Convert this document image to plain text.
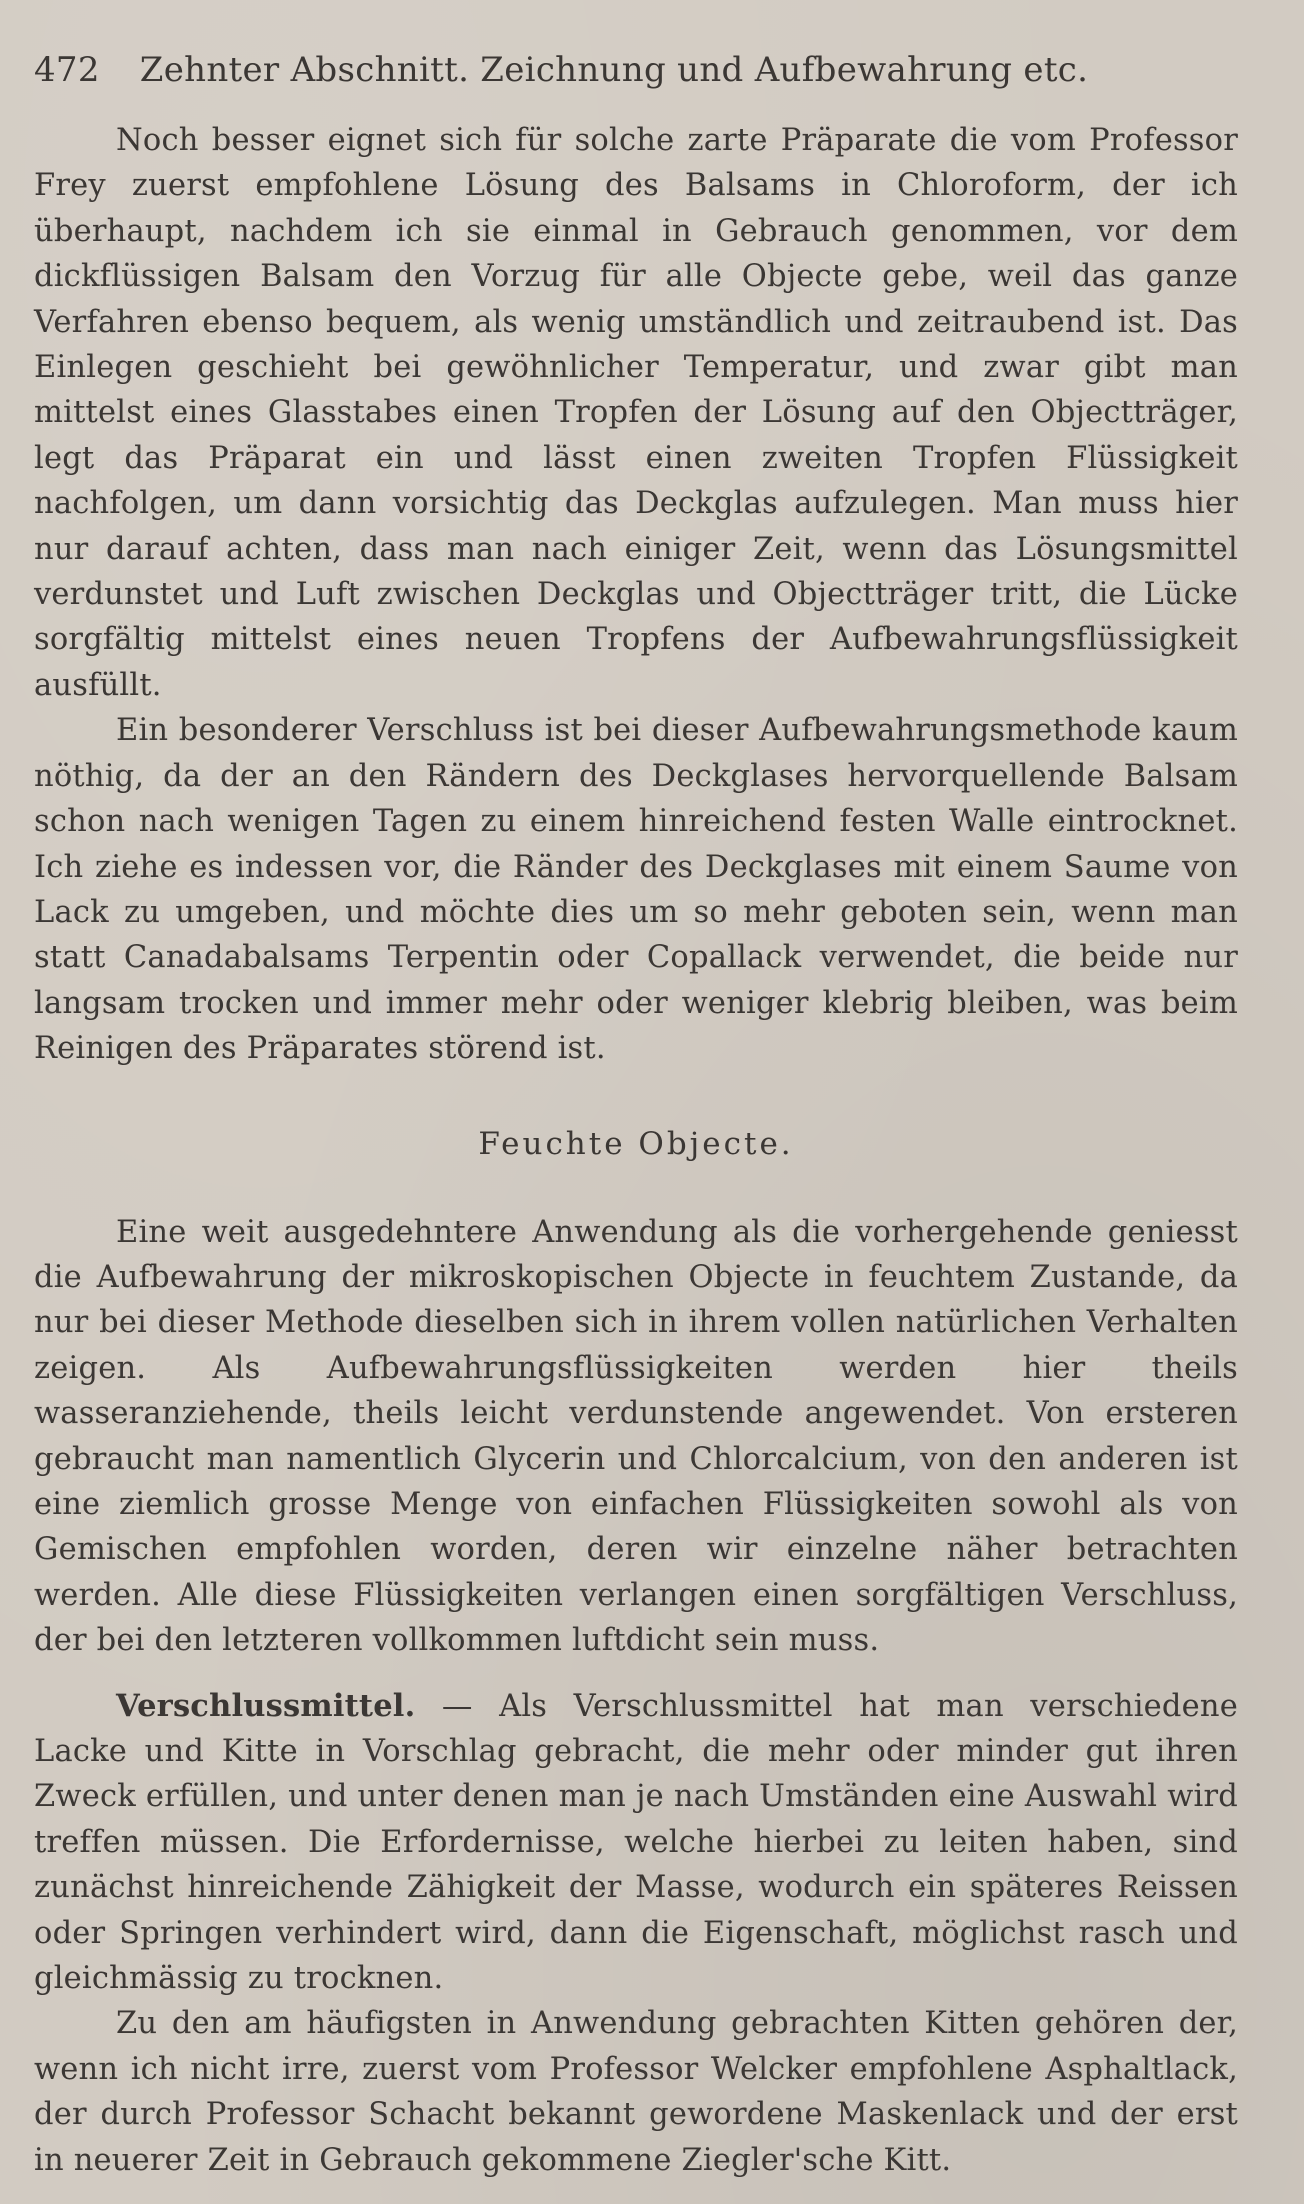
472 Zehnter Abschnitt. Zeichnung und Aufbewahrung etc.

Noch besser eignet sich für solche zarte Präparate die vom Professor Frey zuerst empfohlene Lösung des Balsams in Chloroform, der ich überhaupt, nachdem ich sie einmal in Gebrauch genommen, vor dem dickflüssigen Balsam den Vorzug für alle Objecte gebe, weil das ganze Verfahren ebenso bequem, als wenig umständlich und zeitraubend ist. Das Einlegen geschieht bei gewöhnlicher Temperatur, und zwar gibt man mittelst eines Glasstabes einen Tropfen der Lösung auf den Objectträger, legt das Präparat ein und lässt einen zweiten Tropfen Flüssigkeit nachfolgen, um dann vorsichtig das Deckglas aufzulegen. Man muss hier nur darauf achten, dass man nach einiger Zeit, wenn das Lösungsmittel verdunstet und Luft zwischen Deckglas und Objectträger tritt, die Lücke sorgfältig mittelst eines neuen Tropfens der Aufbewahrungsflüssigkeit ausfüllt.

Ein besonderer Verschluss ist bei dieser Aufbewahrungsmethode kaum nöthig, da der an den Rändern des Deckglases hervorquellende Balsam schon nach wenigen Tagen zu einem hinreichend festen Walle eintrocknet. Ich ziehe es indessen vor, die Ränder des Deckglases mit einem Saume von Lack zu umgeben, und möchte dies um so mehr geboten sein, wenn man statt Canadabalsams Terpentin oder Copallack verwendet, die beide nur langsam trocken und immer mehr oder weniger klebrig bleiben, was beim Reinigen des Präparates störend ist.

Feuchte Objecte.

Eine weit ausgedehntere Anwendung als die vorhergehende geniesst die Aufbewahrung der mikroskopischen Objecte in feuchtem Zustande, da nur bei dieser Methode dieselben sich in ihrem vollen natürlichen Verhalten zeigen. Als Aufbewahrungsflüssigkeiten werden hier theils wasseranziehende, theils leicht verdunstende angewendet. Von ersteren gebraucht man namentlich Glycerin und Chlorcalcium, von den anderen ist eine ziemlich grosse Menge von einfachen Flüssigkeiten sowohl als von Gemischen empfohlen worden, deren wir einzelne näher betrachten werden. Alle diese Flüssigkeiten verlangen einen sorgfältigen Verschluss, der bei den letzteren vollkommen luftdicht sein muss.

Verschlussmittel. — Als Verschlussmittel hat man verschiedene Lacke und Kitte in Vorschlag gebracht, die mehr oder minder gut ihren Zweck erfüllen, und unter denen man je nach Umständen eine Auswahl wird treffen müssen. Die Erfordernisse, welche hierbei zu leiten haben, sind zunächst hinreichende Zähigkeit der Masse, wodurch ein späteres Reissen oder Springen verhindert wird, dann die Eigenschaft, möglichst rasch und gleichmässig zu trocknen.

Zu den am häufigsten in Anwendung gebrachten Kitten gehören der, wenn ich nicht irre, zuerst vom Professor Welcker empfohlene Asphaltlack, der durch Professor Schacht bekannt gewordene Maskenlack und der erst in neuerer Zeit in Gebrauch gekommene Ziegler'sche Kitt.
